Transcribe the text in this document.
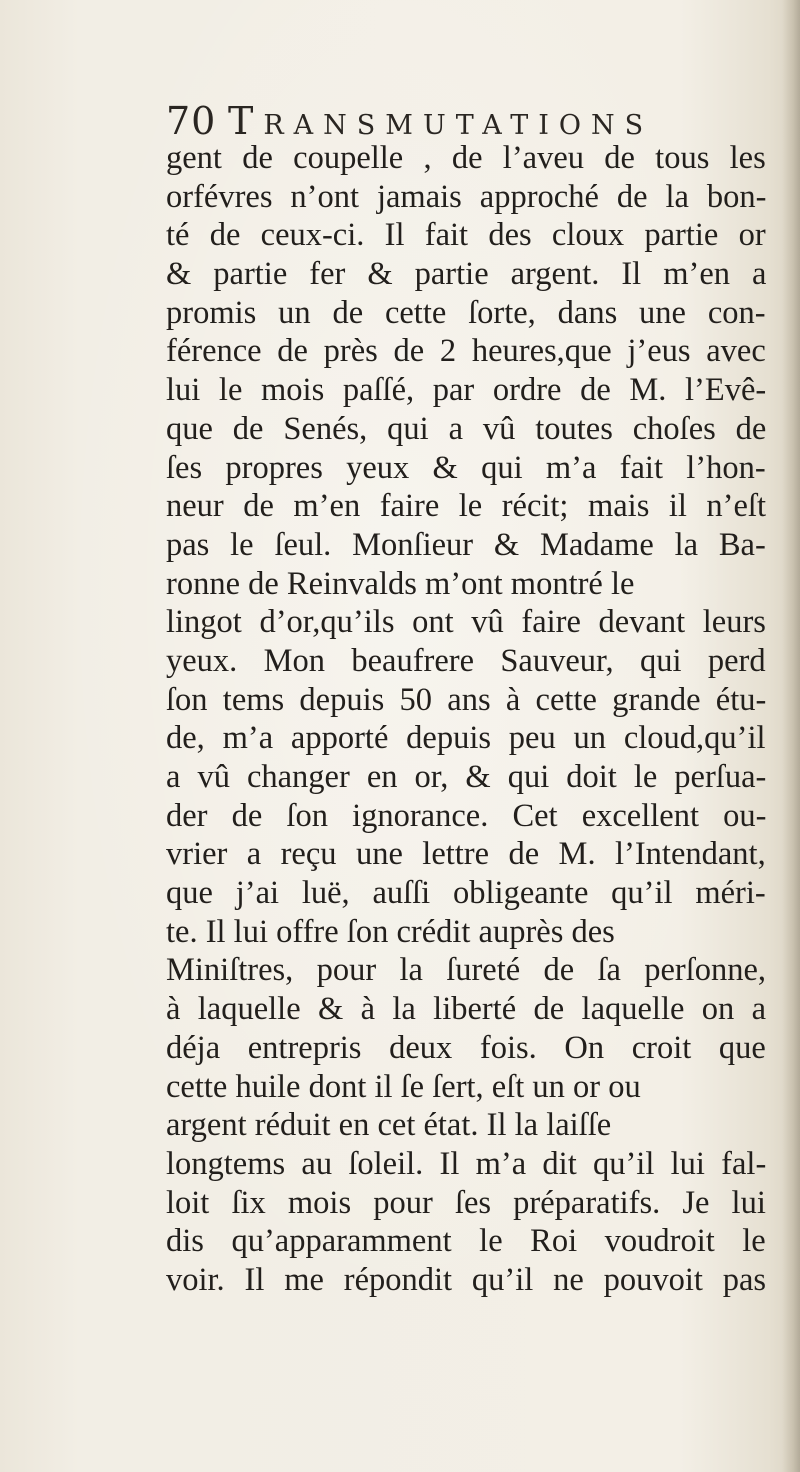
70 Transmutations
gent de coupelle , de l’aveu de tous les
orfévres n’ont jamais approché de la bon-
té de ceux-ci. Il fait des cloux partie or
& partie fer & partie argent. Il m’en a
promis un de cette ſorte, dans une con-
férence de près de 2 heures,que j’eus avec
lui le mois paſſé, par ordre de M. l’Evê-
que de Senés, qui a vû toutes choſes de
ſes propres yeux & qui m’a fait l’hon-
neur de m’en faire le récit; mais il n’eſt
pas le ſeul. Monſieur & Madame la Ba-
ronne de Reinvalds m’ont montré le
lingot d’or,qu’ils ont vû faire devant leurs
yeux. Mon beaufrere Sauveur, qui perd
ſon tems depuis 50 ans à cette grande étu-
de, m’a apporté depuis peu un cloud,qu’il
a vû changer en or, & qui doit le perſua-
der de ſon ignorance. Cet excellent ou-
vrier a reçu une lettre de M. l’Intendant,
que j’ai luë, auſſi obligeante qu’il méri-
te. Il lui offre ſon crédit auprès des
Miniſtres, pour la ſureté de ſa perſonne,
à laquelle & à la liberté de laquelle on a
déja entrepris deux fois. On croit que
cette huile dont il ſe ſert, eſt un or ou
argent réduit en cet état. Il la laiſſe
longtems au ſoleil. Il m’a dit qu’il lui fal-
loit ſix mois pour ſes préparatifs. Je lui
dis qu’apparamment le Roi voudroit le
voir. Il me répondit qu’il ne pouvoit pas
